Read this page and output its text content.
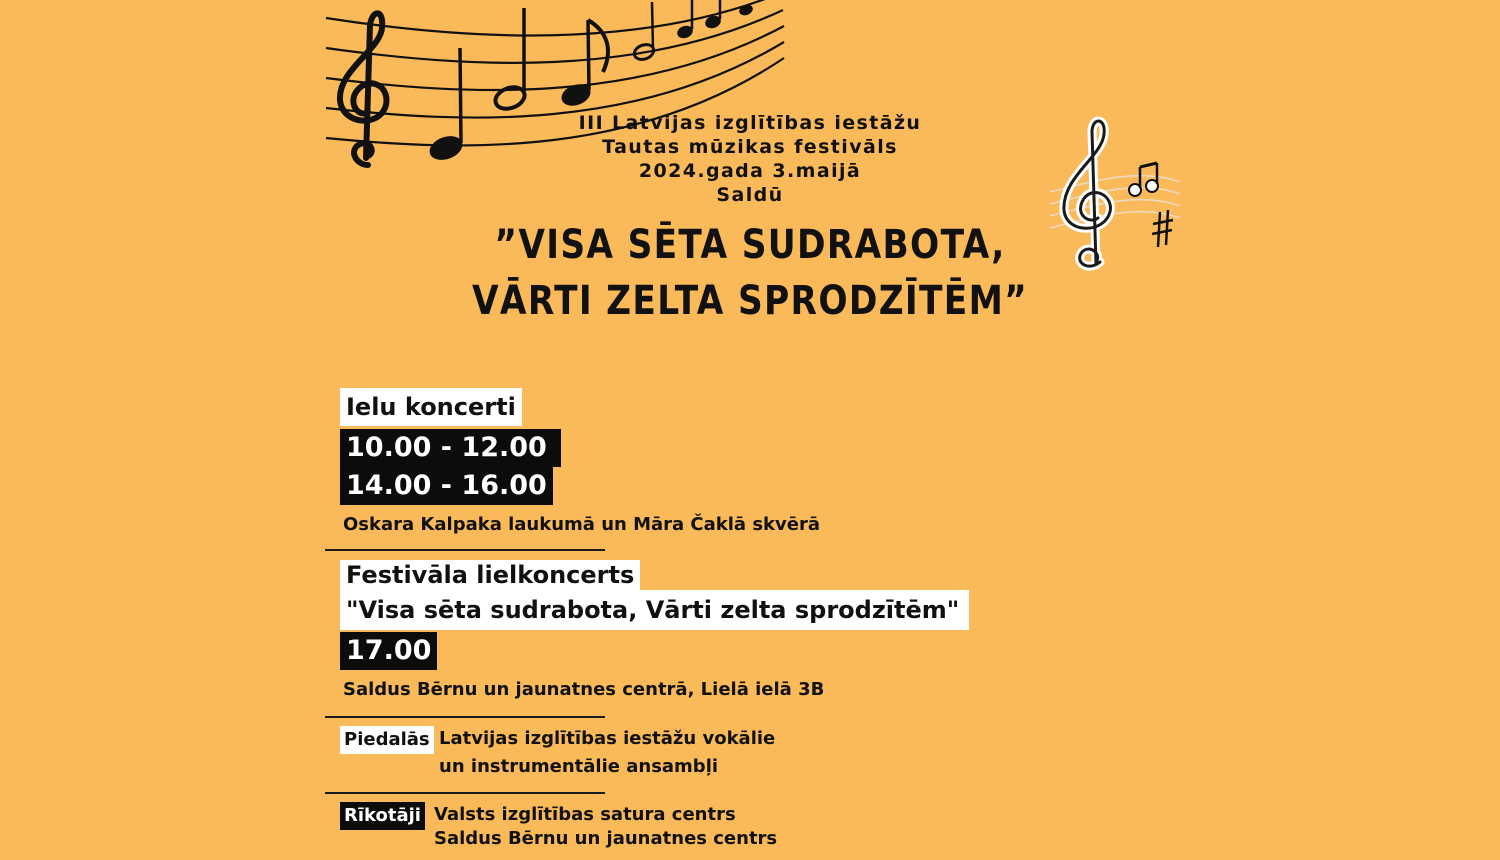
III Latvijas izglītības iestāžu
Tautas mūzikas festivāls
2024.gada 3.maijā
Saldū
”VISA SĒTA SUDRABOTA,
VĀRTI ZELTA SPRODZĪTĒM”
Ielu koncerti
10.00 - 12.00
14.00 - 16.00
Oskara Kalpaka laukumā un Māra Čaklā skvērā
Festivāla lielkoncerts
"Visa sēta sudrabota, Vārti zelta sprodzītēm"
17.00
Saldus Bērnu un jaunatnes centrā, Lielā ielā 3B
Piedalās Latvijas izglītības iestāžu vokālie
un instrumentālie ansambļi
Rīkotāji Valsts izglītības satura centrs
Saldus Bērnu un jaunatnes centrs
